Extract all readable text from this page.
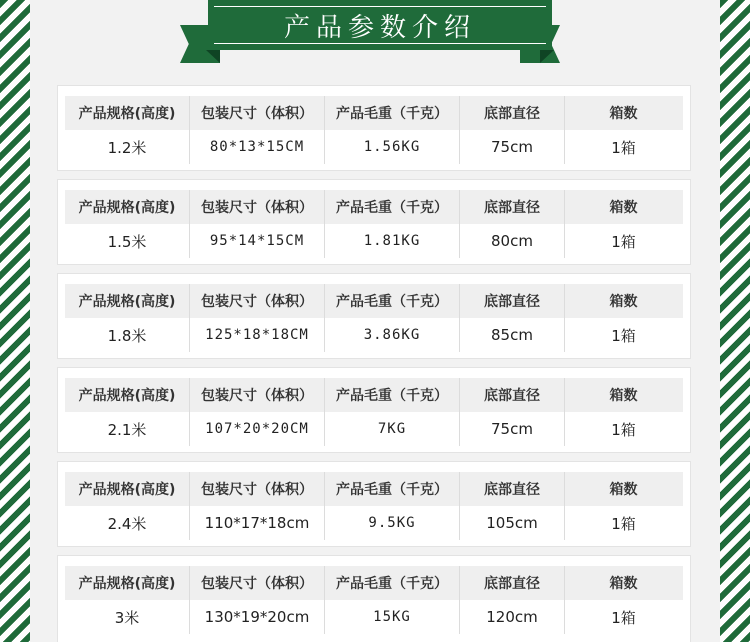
产品参数介绍
产品规格(高度)	包装尺寸（体积）	产品毛重（千克）	底部直径	箱数
1.2米	80*13*15CM	1.56KG	75cm	1箱
产品规格(高度)	包装尺寸（体积）	产品毛重（千克）	底部直径	箱数
1.5米	95*14*15CM	1.81KG	80cm	1箱
产品规格(高度)	包装尺寸（体积）	产品毛重（千克）	底部直径	箱数
1.8米	125*18*18CM	3.86KG	85cm	1箱
产品规格(高度)	包装尺寸（体积）	产品毛重（千克）	底部直径	箱数
2.1米	107*20*20CM	7KG	75cm	1箱
产品规格(高度)	包装尺寸（体积）	产品毛重（千克）	底部直径	箱数
2.4米	110*17*18cm	9.5KG	105cm	1箱
产品规格(高度)	包装尺寸（体积）	产品毛重（千克）	底部直径	箱数
3米	130*19*20cm	15KG	120cm	1箱
